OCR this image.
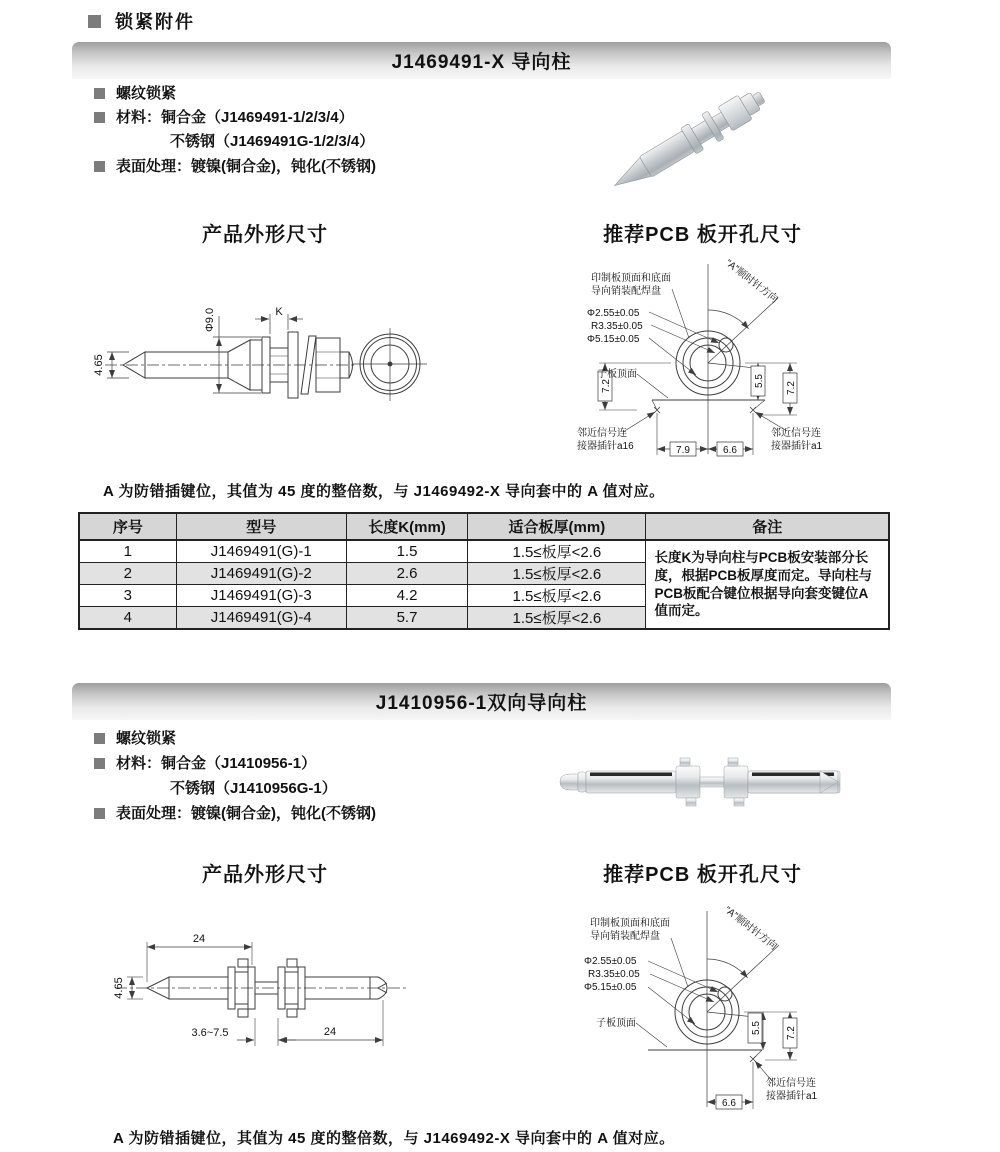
锁紧附件
J1469491-X 导向柱
螺纹锁紧
材料：铜合金（J1469491-1/2/3/4）
不锈钢（J1469491G-1/2/3/4）
表面处理：镀镍(铜合金)，钝化(不锈钢)
产品外形尺寸	推荐PCB 板开孔尺寸
4.65
Φ9.0	K
“A”顺时针方向
印制板顶面和底面
导向销装配焊盘
Φ2.55±0.05
R3.35±0.05
Φ5.15±0.05
子板顶面
7.2	5.5
7.2
7.9	6.6
邻近信号连
接器插针a16
邻近信号连
接器插针a1
A 为防错插键位，其值为 45 度的整倍数，与 J1469492-X 导向套中的 A 值对应。
序号	型号	长度K(mm)	适合板厚(mm)	备注
1	J1469491(G)-1	1.5	1.5≤板厚<2.6	长度K为导向柱与PCB板安装部分长度，根据PCB板厚度而定。导向柱与PCB板配合键位根据导向套变键位A值而定。
2	J1469491(G)-2	2.6	1.5≤板厚<2.6	
3	J1469491(G)-3	4.2	1.5≤板厚<2.6	
4	J1469491(G)-4	5.7	1.5≤板厚<2.6	
J1410956-1双向导向柱
螺纹锁紧
材料：铜合金（J1410956-1）
不锈钢（J1410956G-1）
表面处理：镀镍(铜合金)，钝化(不锈钢)
产品外形尺寸	推荐PCB 板开孔尺寸
4.65
24
3.6~7.5	24
“A”顺时针方向
印制板顶面和底面
导向销装配焊盘
Φ2.55±0.05
R3.35±0.05
Φ5.15±0.05
子板顶面	5.5 7.2
6.6
邻近信号连
接器插针a1
A 为防错插键位，其值为 45 度的整倍数，与 J1469492-X 导向套中的 A 值对应。
